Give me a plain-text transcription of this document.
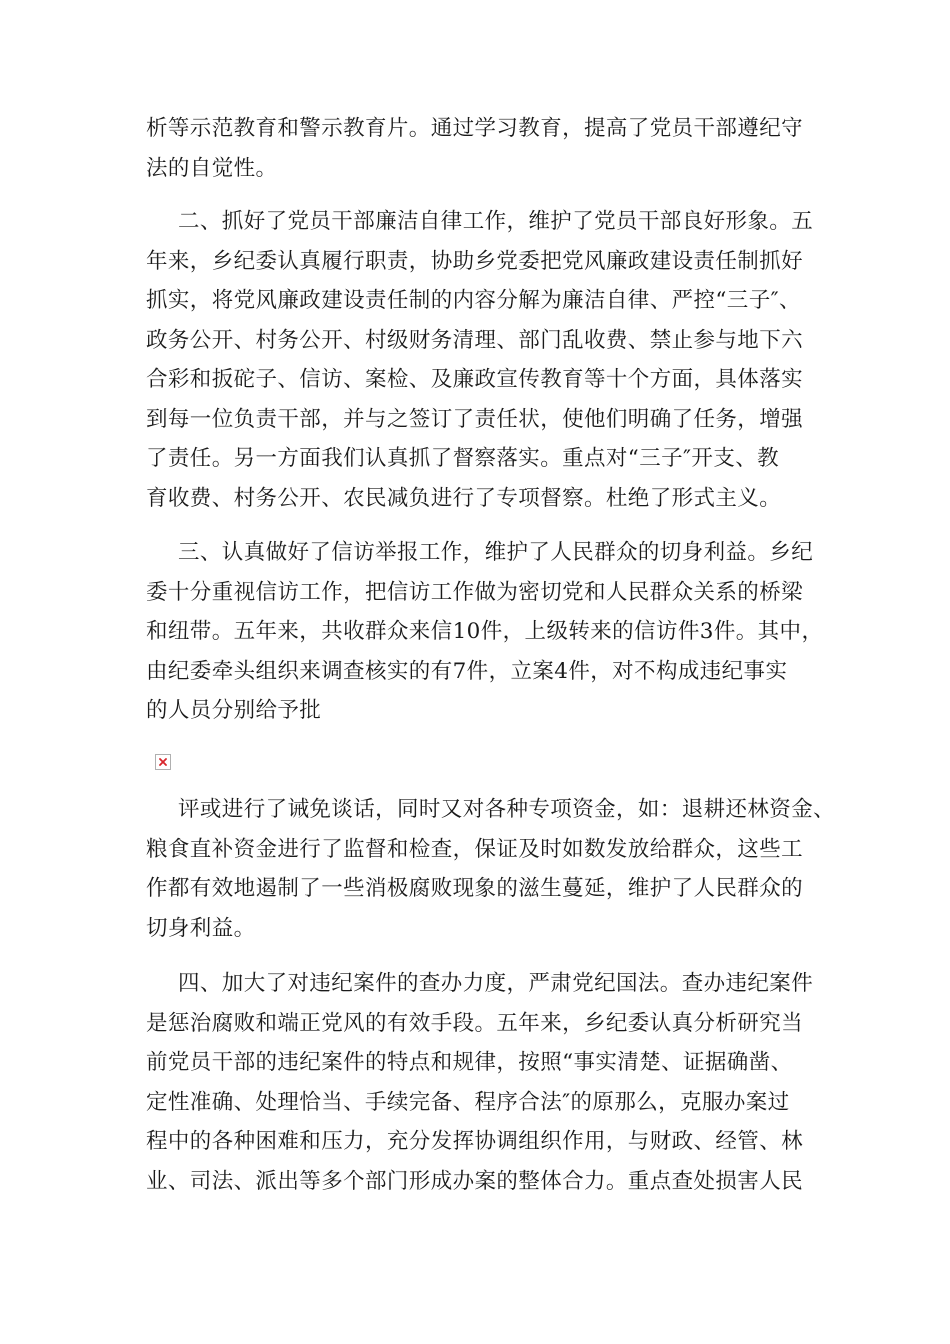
析等示范教育和警示教育片。通过学习教育，提高了党员干部遵纪守
法的自觉性。

二、抓好了党员干部廉洁自律工作，维护了党员干部良好形象。五
年来，乡纪委认真履行职责，协助乡党委把党风廉政建设责任制抓好
抓实，将党风廉政建设责任制的内容分解为廉洁自律、严控“三子″、
政务公开、村务公开、村级财务清理、部门乱收费、禁止参与地下六
合彩和扳砣子、信访、案检、及廉政宣传教育等十个方面，具体落实
到每一位负责干部，并与之签订了责任状，使他们明确了任务，增强
了责任。另一方面我们认真抓了督察落实。重点对“三子″开支、教
育收费、村务公开、农民减负进行了专项督察。杜绝了形式主义。

三、认真做好了信访举报工作，维护了人民群众的切身利益。乡纪
委十分重视信访工作，把信访工作做为密切党和人民群众关系的桥梁
和纽带。五年来，共收群众来信10件，上级转来的信访件3件。其中，
由纪委牵头组织来调查核实的有7件，立案4件，对不构成违纪事实
的人员分别给予批

评或进行了诫免谈话，同时又对各种专项资金，如：退耕还林资金、
粮食直补资金进行了监督和检查，保证及时如数发放给群众，这些工
作都有效地遏制了一些消极腐败现象的滋生蔓延，维护了人民群众的
切身利益。

四、加大了对违纪案件的查办力度，严肃党纪国法。查办违纪案件
是惩治腐败和端正党风的有效手段。五年来，乡纪委认真分析研究当
前党员干部的违纪案件的特点和规律，按照“事实清楚、证据确凿、
定性准确、处理恰当、手续完备、程序合法″的原那么，克服办案过
程中的各种困难和压力，充分发挥协调组织作用，与财政、经管、林
业、司法、派出等多个部门形成办案的整体合力。重点查处损害人民
